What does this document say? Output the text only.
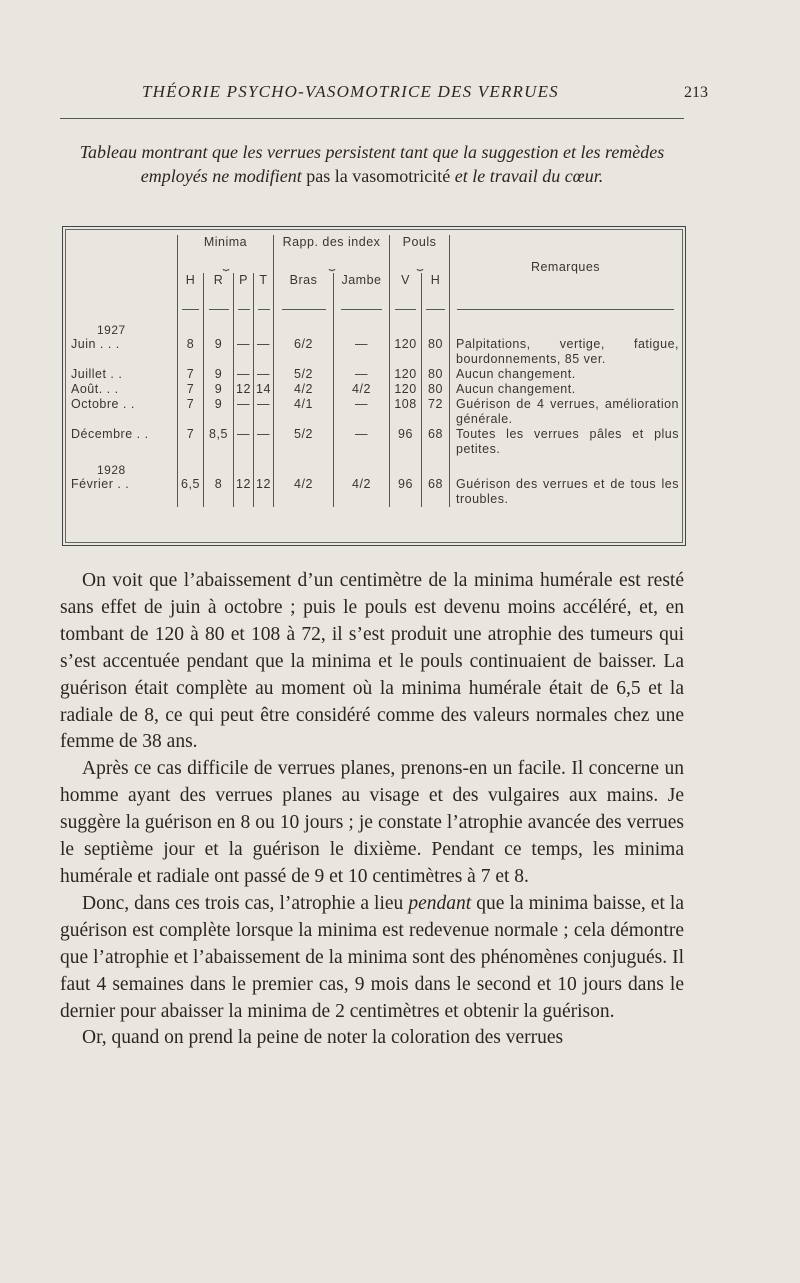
THÉORIE PSYCHO-VASOMOTRICE DES VERRUES	213
Tableau montrant que les verrues persistent tant que la suggestion et les remèdes employés ne modifient pas la vasomotricité et le travail du cœur.
	Minima				Rapp. des index		Pouls		Remarques
	⏟				⏟		⏟		
	H	R	P	T	Bras	Jambe	V	H	

1927									
Juin . . .	8	9	—	—	6/2	—	120	80	Palpitations, vertige, fatigue, bourdonnements, 85 ver.
Juillet . .	7	9	—	—	5/2	—	120	80	Aucun changement.
Août. . .	7	9	12	14	4/2	4/2	120	80	Aucun changement.
Octobre . .	7	9	—	—	4/1	—	108	72	Guérison de 4 verrues, amélioration générale.
Décembre . .	7	8,5	—	—	5/2	—	96	68	Toutes les verrues pâles et plus petites.
1928									
Février . .	6,5	8	12	12	4/2	4/2	96	68	Guérison des verrues et de tous les troubles.

On voit que l’abaissement d’un centimètre de la minima humérale est resté sans effet de juin à octobre ; puis le pouls est devenu moins accéléré, et, en tombant de 120 à 80 et 108 à 72, il s’est produit une atrophie des tumeurs qui s’est accentuée pendant que la minima et le pouls continuaient de baisser. La guérison était complète au moment où la minima humérale était de 6,5 et la radiale de 8, ce qui peut être considéré comme des valeurs normales chez une femme de 38 ans.

Après ce cas difficile de verrues planes, prenons-en un facile. Il concerne un homme ayant des verrues planes au visage et des vulgaires aux mains. Je suggère la guérison en 8 ou 10 jours ; je constate l’atrophie avancée des verrues le septième jour et la guérison le dixième. Pendant ce temps, les minima humérale et radiale ont passé de 9 et 10 centimètres à 7 et 8.

Donc, dans ces trois cas, l’atrophie a lieu pendant que la minima baisse, et la guérison est complète lorsque la minima est redevenue normale ; cela démontre que l’atrophie et l’abaissement de la minima sont des phénomènes conjugués. Il faut 4 semaines dans le premier cas, 9 mois dans le second et 10 jours dans le dernier pour abaisser la minima de 2 centimètres et obtenir la guérison.

Or, quand on prend la peine de noter la coloration des verrues
